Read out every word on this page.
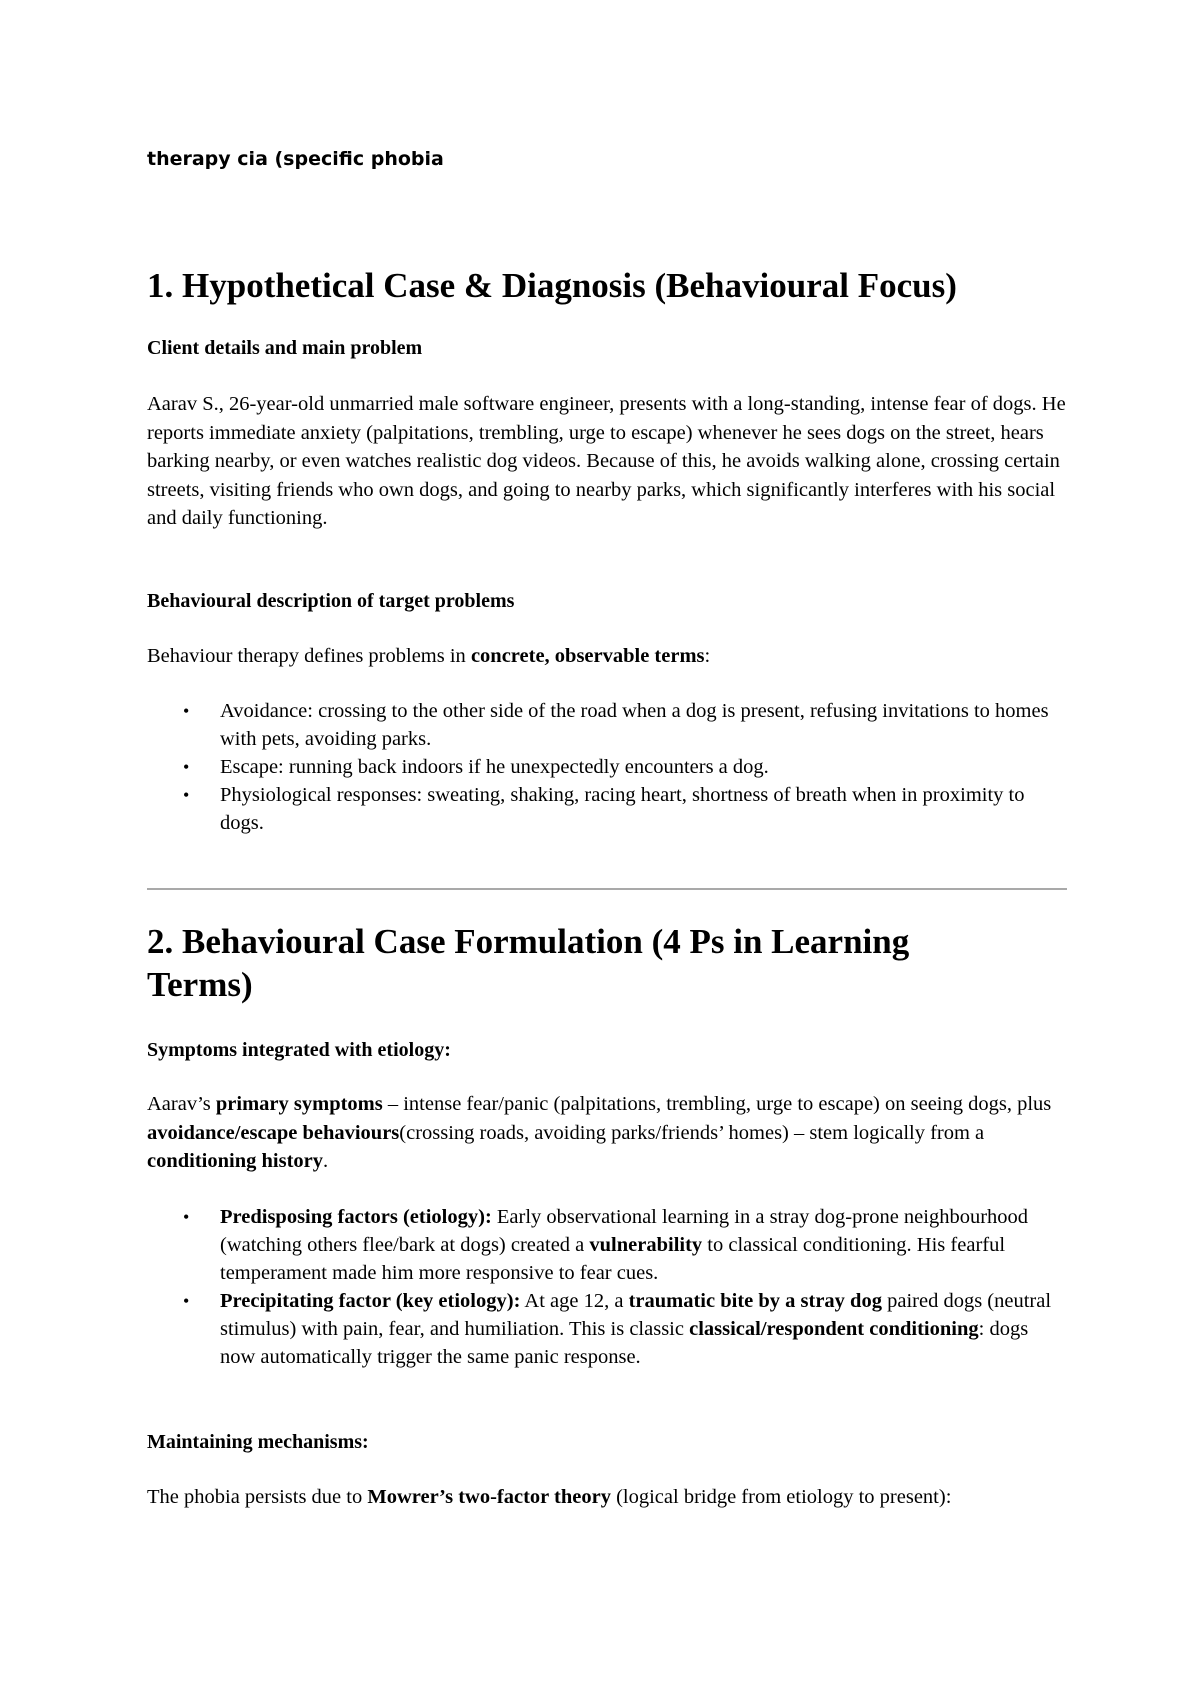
therapy cia (specific phobia
1. Hypothetical Case & Diagnosis (Behavioural Focus)
Client details and main problem

Aarav S., 26-year-old unmarried male software engineer, presents with a long-standing, intense fear of dogs. He reports immediate anxiety (palpitations, trembling, urge to escape) whenever he sees dogs on the street, hears barking nearby, or even watches realistic dog videos. Because of this, he avoids walking alone, crossing certain streets, visiting friends who own dogs, and going to nearby parks, which significantly interferes with his social and daily functioning.

Behavioural description of target problems

Behaviour therapy defines problems in concrete, observable terms:

• Avoidance: crossing to the other side of the road when a dog is present, refusing invitations to homes with pets, avoiding parks.
• Escape: running back indoors if he unexpectedly encounters a dog.
• Physiological responses: sweating, shaking, racing heart, shortness of breath when in proximity to dogs.
2. Behavioural Case Formulation (4 Ps in Learning Terms)
Symptoms integrated with etiology:

Aarav’s primary symptoms – intense fear/panic (palpitations, trembling, urge to escape) on seeing dogs, plus avoidance/escape behaviours(crossing roads, avoiding parks/friends’ homes) – stem logically from a conditioning history.

• Predisposing factors (etiology): Early observational learning in a stray dog-prone neighbourhood (watching others flee/bark at dogs) created a vulnerability to classical conditioning. His fearful temperament made him more responsive to fear cues.
• Precipitating factor (key etiology): At age 12, a traumatic bite by a stray dog paired dogs (neutral stimulus) with pain, fear, and humiliation. This is classic classical/respondent conditioning: dogs now automatically trigger the same panic response.
Maintaining mechanisms:

The phobia persists due to Mowrer’s two-factor theory (logical bridge from etiology to present):
